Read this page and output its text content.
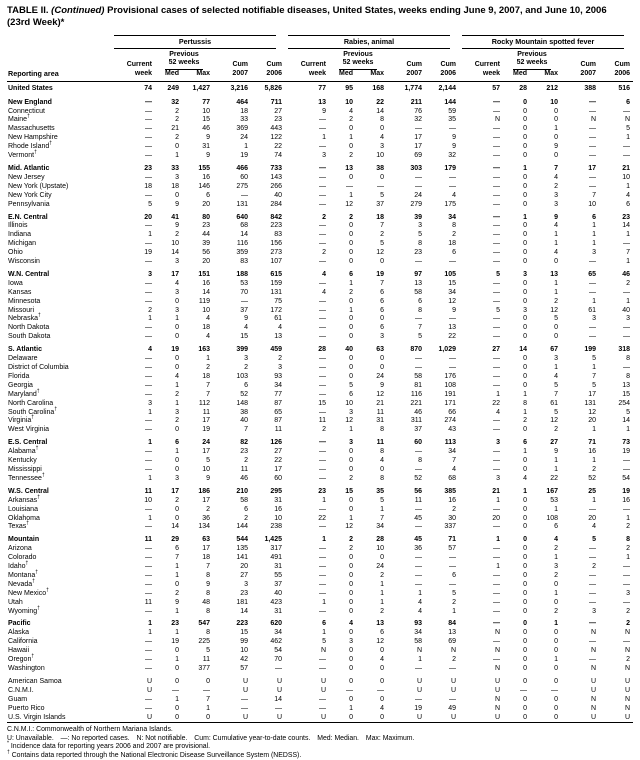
TABLE II. (Continued) Provisional cases of selected notifiable diseases, United States, weeks ending June 9, 2007, and June 10, 2006
(23rd Week)*
Reporting area	Pertussis					Rabies, animal					Rocky Mountain spotted fever				

		Previous					Previous					Previous			
	Current	52 weeks		Cum	Cum	Current	52 weeks		Cum	Cum	Current	52 weeks		Cum	Cum
	week	Med	Max	2007	2006	week	Med	Max	2007	2006	week	Med	Max	2007	2006
United States	74	249	1,427	3,216	5,826	77	95	168	1,774	2,144	57	28	212	388	516
New England	—	32	77	464	711	13	10	22	211	144	—	0	10	—	6
Connecticut	—	2	10	18	27	9	4	14	76	59	—	0	0	—	—
Maine†	—	2	15	33	23	—	2	8	32	35	N	0	0	N	N
Massachusetts	—	21	46	369	443	—	0	0	—	—	—	0	1	—	5
New Hampshire	—	2	9	24	122	1	1	4	17	9	—	0	0	—	1
Rhode Island†	—	0	31	1	22	—	0	3	17	9	—	0	9	—	—
Vermont†	—	1	9	19	74	3	2	10	69	32	—	0	0	—	—
Mid. Atlantic	23	33	155	466	733	—	13	38	303	179	—	1	7	17	21
New Jersey	—	3	16	60	143	—	0	0	—	—	—	0	4	—	10
New York (Upstate)	18	18	146	275	266	—	—	—	—	—	—	0	2	—	1
New York City	—	0	6	—	40	—	1	5	24	4	—	0	3	7	4
Pennsylvania	5	9	20	131	284	—	12	37	279	175	—	0	3	10	6
E.N. Central	20	41	80	640	842	2	2	18	39	34	—	1	9	6	23
Illinois	—	9	23	68	223	—	0	7	3	8	—	0	4	1	14
Indiana	1	2	44	14	83	—	0	2	5	2	—	0	1	1	1
Michigan	—	10	39	116	156	—	0	5	8	18	—	0	1	1	—
Ohio	19	14	56	359	273	2	0	12	23	6	—	0	4	3	7
Wisconsin	—	3	20	83	107	—	0	0	—	—	—	0	0	—	1
W.N. Central	3	17	151	188	615	4	6	19	97	105	5	3	13	65	46
Iowa	—	4	16	53	159	—	1	7	13	15	—	0	1	—	2
Kansas	—	3	14	70	131	4	2	6	58	34	—	0	1	—	—
Minnesota	—	0	119	—	75	—	0	6	6	12	—	0	2	1	1
Missouri	2	3	10	37	172	—	1	6	8	9	5	3	12	61	40
Nebraska†	1	1	4	9	61	—	0	0	—	—	—	0	5	3	3
North Dakota	—	0	18	4	4	—	0	6	7	13	—	0	0	—	—
South Dakota	—	0	4	15	13	—	0	3	5	22	—	0	0	—	—
S. Atlantic	4	19	163	399	459	28	40	63	870	1,029	27	14	67	199	318
Delaware	—	0	1	3	2	—	0	0	—	—	—	0	3	5	8
District of Columbia	—	0	2	2	3	—	0	0	—	—	—	0	1	1	—
Florida	—	4	18	103	93	—	0	24	58	176	—	0	4	7	8
Georgia	—	1	7	6	34	—	5	9	81	108	—	0	5	5	13
Maryland†	—	2	7	52	77	—	6	12	116	191	1	1	7	17	15
North Carolina	3	1	112	148	87	15	10	21	221	171	22	8	61	131	254
South Carolina†	1	3	11	38	65	—	3	11	46	66	4	1	5	12	5
Virginia†	—	2	17	40	87	11	12	31	311	274	—	2	12	20	14
West Virginia	—	0	19	7	11	2	1	8	37	43	—	0	2	1	1
E.S. Central	1	6	24	82	126	—	3	11	60	113	3	6	27	71	73
Alabama†	—	1	17	23	27	—	0	8	—	34	—	1	9	16	19
Kentucky	—	0	5	2	22	—	0	4	8	7	—	0	1	1	—
Mississippi	—	0	10	11	17	—	0	0	—	4	—	0	1	2	—
Tennessee†	1	3	9	46	60	—	2	8	52	68	3	4	22	52	54
W.S. Central	11	17	186	210	295	23	15	35	56	385	21	1	167	25	19
Arkansas†	10	2	17	58	31	1	0	5	11	16	1	0	53	1	16
Louisiana	—	0	2	6	16	—	0	1	—	2	—	0	1	—	—
Oklahoma	1	0	36	2	10	22	1	7	45	30	20	0	108	20	1
Texas†	—	14	134	144	238	—	12	34	—	337	—	0	6	4	2
Mountain	11	29	63	544	1,425	1	2	28	45	71	1	0	4	5	8
Arizona	—	6	17	135	317	—	2	10	36	57	—	0	2	—	2
Colorado	—	7	18	141	491	—	0	0	—	—	—	0	1	—	1
Idaho†	—	1	7	20	31	—	0	24	—	—	1	0	3	2	—
Montana†	—	1	8	27	55	—	0	2	—	6	—	0	2	—	—
Nevada†	—	0	9	3	37	—	0	1	—	—	—	0	0	—	—
New Mexico†	—	2	8	23	40	—	0	1	1	5	—	0	1	—	3
Utah	11	9	48	181	423	1	0	1	4	2	—	0	0	—	—
Wyoming†	—	1	8	14	31	—	0	2	4	1	—	0	2	3	2
Pacific	1	23	547	223	620	6	4	13	93	84	—	0	1	—	2
Alaska	1	1	8	15	34	1	0	6	34	13	N	0	0	N	N
California	—	19	225	99	462	5	3	12	58	69	—	0	0	—	—
Hawaii	—	0	5	10	54	N	0	0	N	N	N	0	0	N	N
Oregon†	—	1	11	42	70	—	0	4	1	2	—	0	1	—	2
Washington	—	0	377	57	—	—	0	0	—	—	N	0	0	N	N
American Samoa	U	0	0	U	U	U	0	0	U	U	U	0	0	U	U
C.N.M.I.	U	—	—	U	U	U	—	—	U	U	U	—	—	U	U
Guam	—	1	7	—	14	—	0	0	—	—	N	0	0	N	N
Puerto Rico	—	0	1	—	—	—	1	4	19	49	N	0	0	N	N
U.S. Virgin Islands	U	0	0	U	U	U	0	0	U	U	U	0	0	U	U
C.N.M.I.: Commonwealth of Northern Mariana Islands.
U: Unavailable. —: No reported cases. N: Not notifiable. Cum: Cumulative year-to-date counts. Med: Median. Max: Maximum.
* Incidence data for reporting years 2006 and 2007 are provisional.
† Contains data reported through the National Electronic Disease Surveillance System (NEDSS).
